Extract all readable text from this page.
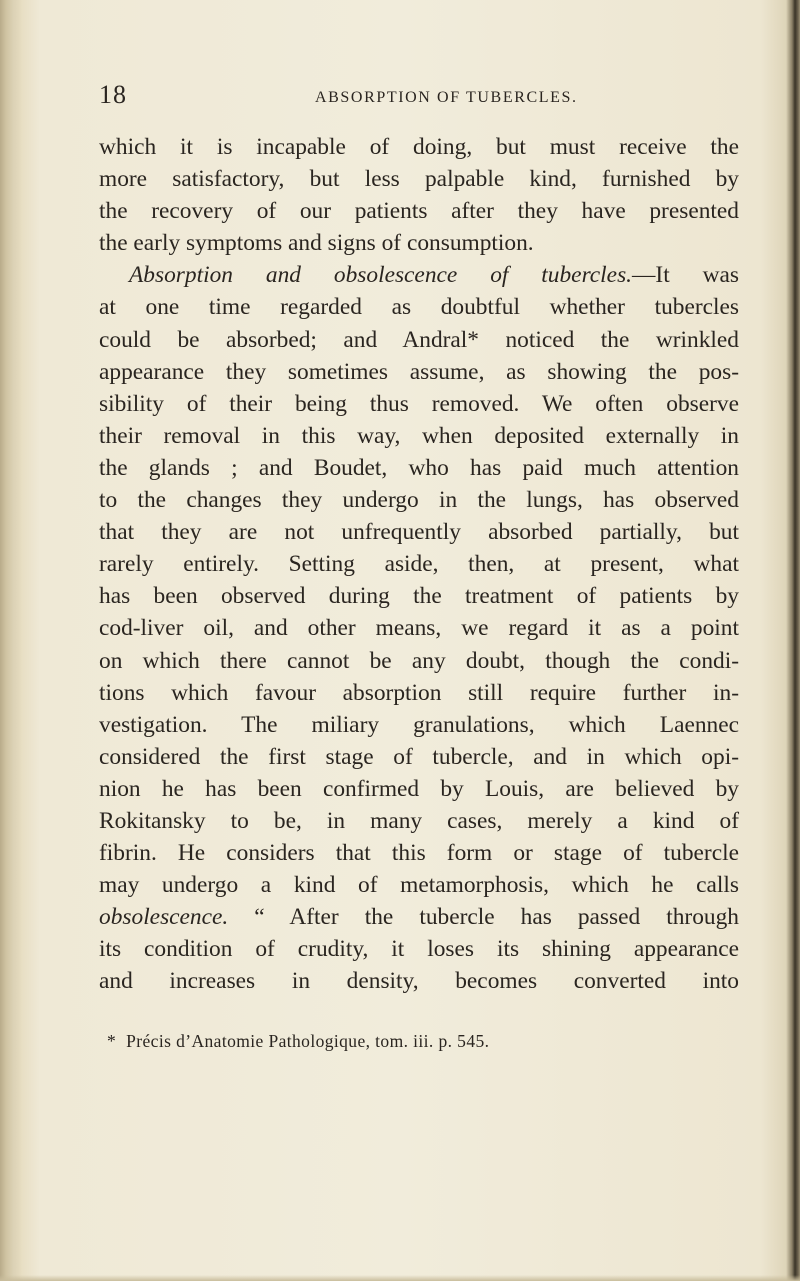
18	ABSORPTION OF TUBERCLES.
which it is incapable of doing, but must receive the
more satisfactory, but less palpable kind, furnished by
the recovery of our patients after they have presented
the early symptoms and signs of consumption.
Absorption and obsolescence of tubercles.—It was
at one time regarded as doubtful whether tubercles
could be absorbed; and Andral* noticed the wrinkled
appearance they sometimes assume, as showing the pos-
sibility of their being thus removed. We often observe
their removal in this way, when deposited externally in
the glands ; and Boudet, who has paid much attention
to the changes they undergo in the lungs, has observed
that they are not unfrequently absorbed partially, but
rarely entirely. Setting aside, then, at present, what
has been observed during the treatment of patients by
cod-liver oil, and other means, we regard it as a point
on which there cannot be any doubt, though the condi-
tions which favour absorption still require further in-
vestigation. The miliary granulations, which Laennec
considered the first stage of tubercle, and in which opi-
nion he has been confirmed by Louis, are believed by
Rokitansky to be, in many cases, merely a kind of
fibrin. He considers that this form or stage of tubercle
may undergo a kind of metamorphosis, which he calls
obsolescence. “ After the tubercle has passed through
its condition of crudity, it loses its shining appearance
and increases in density, becomes converted into
* Précis d’Anatomie Pathologique, tom. iii. p. 545.
